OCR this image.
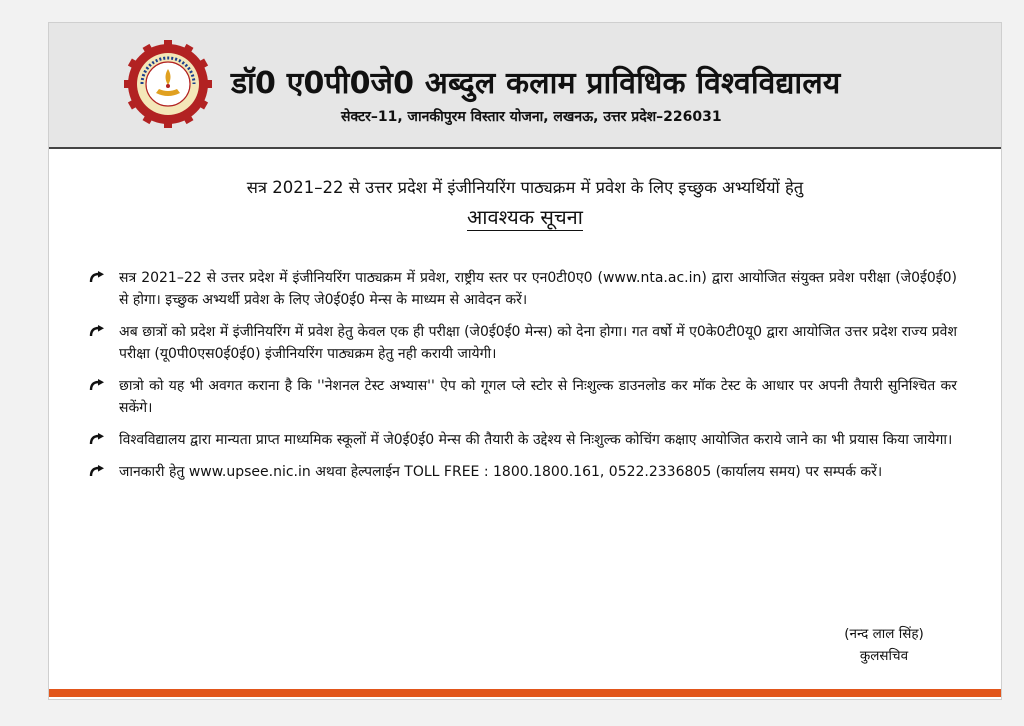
डॉ0 ए0पी0जे0 अब्दुल कलाम प्राविधिक विश्वविद्यालय
सेक्टर–11, जानकीपुरम विस्तार योजना, लखनऊ, उत्तर प्रदेश–226031
सत्र 2021–22 से उत्तर प्रदेश में इंजीनियरिंग पाठ्यक्रम में प्रवेश के लिए इच्छुक अभ्यर्थियों हेतु
आवश्यक सूचना
सत्र 2021–22 से उत्तर प्रदेश में इंजीनियरिंग पाठ्यक्रम में प्रवेश, राष्ट्रीय स्तर पर एन0टी0ए0 (www.nta.ac.in) द्वारा आयोजित संयुक्त प्रवेश परीक्षा (जे0ई0ई0) से होगा। इच्छुक अभ्यर्थी प्रवेश के लिए जे0ई0ई0 मेन्स के माध्यम से आवेदन करें।
अब छात्रों को प्रदेश में इंजीनियरिंग में प्रवेश हेतु केवल एक ही परीक्षा (जे0ई0ई0 मेन्स) को देना होगा। गत वर्षो में ए0के0टी0यू0 द्वारा आयोजित उत्तर प्रदेश राज्य प्रवेश परीक्षा (यू0पी0एस0ई0ई0) इंजीनियरिंग पाठ्यक्रम हेतु नही करायी जायेगी।
छात्रो को यह भी अवगत कराना है कि ''नेशनल टेस्ट अभ्यास'' ऐप को गूगल प्ले स्टोर से निःशुल्क डाउनलोड कर मॉक टेस्ट के आधार पर अपनी तैयारी सुनिश्चित कर सकेंगे।
विश्वविद्यालय द्वारा मान्यता प्राप्त माध्यमिक स्कूलों में जे0ई0ई0 मेन्स की तैयारी के उद्देश्य से निःशुल्क कोचिंग कक्षाए आयोजित कराये जाने का भी प्रयास किया जायेगा।
जानकारी हेतु www.upsee.nic.in अथवा हेल्पलाईन TOLL FREE : 1800.1800.161, 0522.2336805 (कार्यालय समय) पर सम्पर्क करें।
(नन्द लाल सिंह)
कुलसचिव
